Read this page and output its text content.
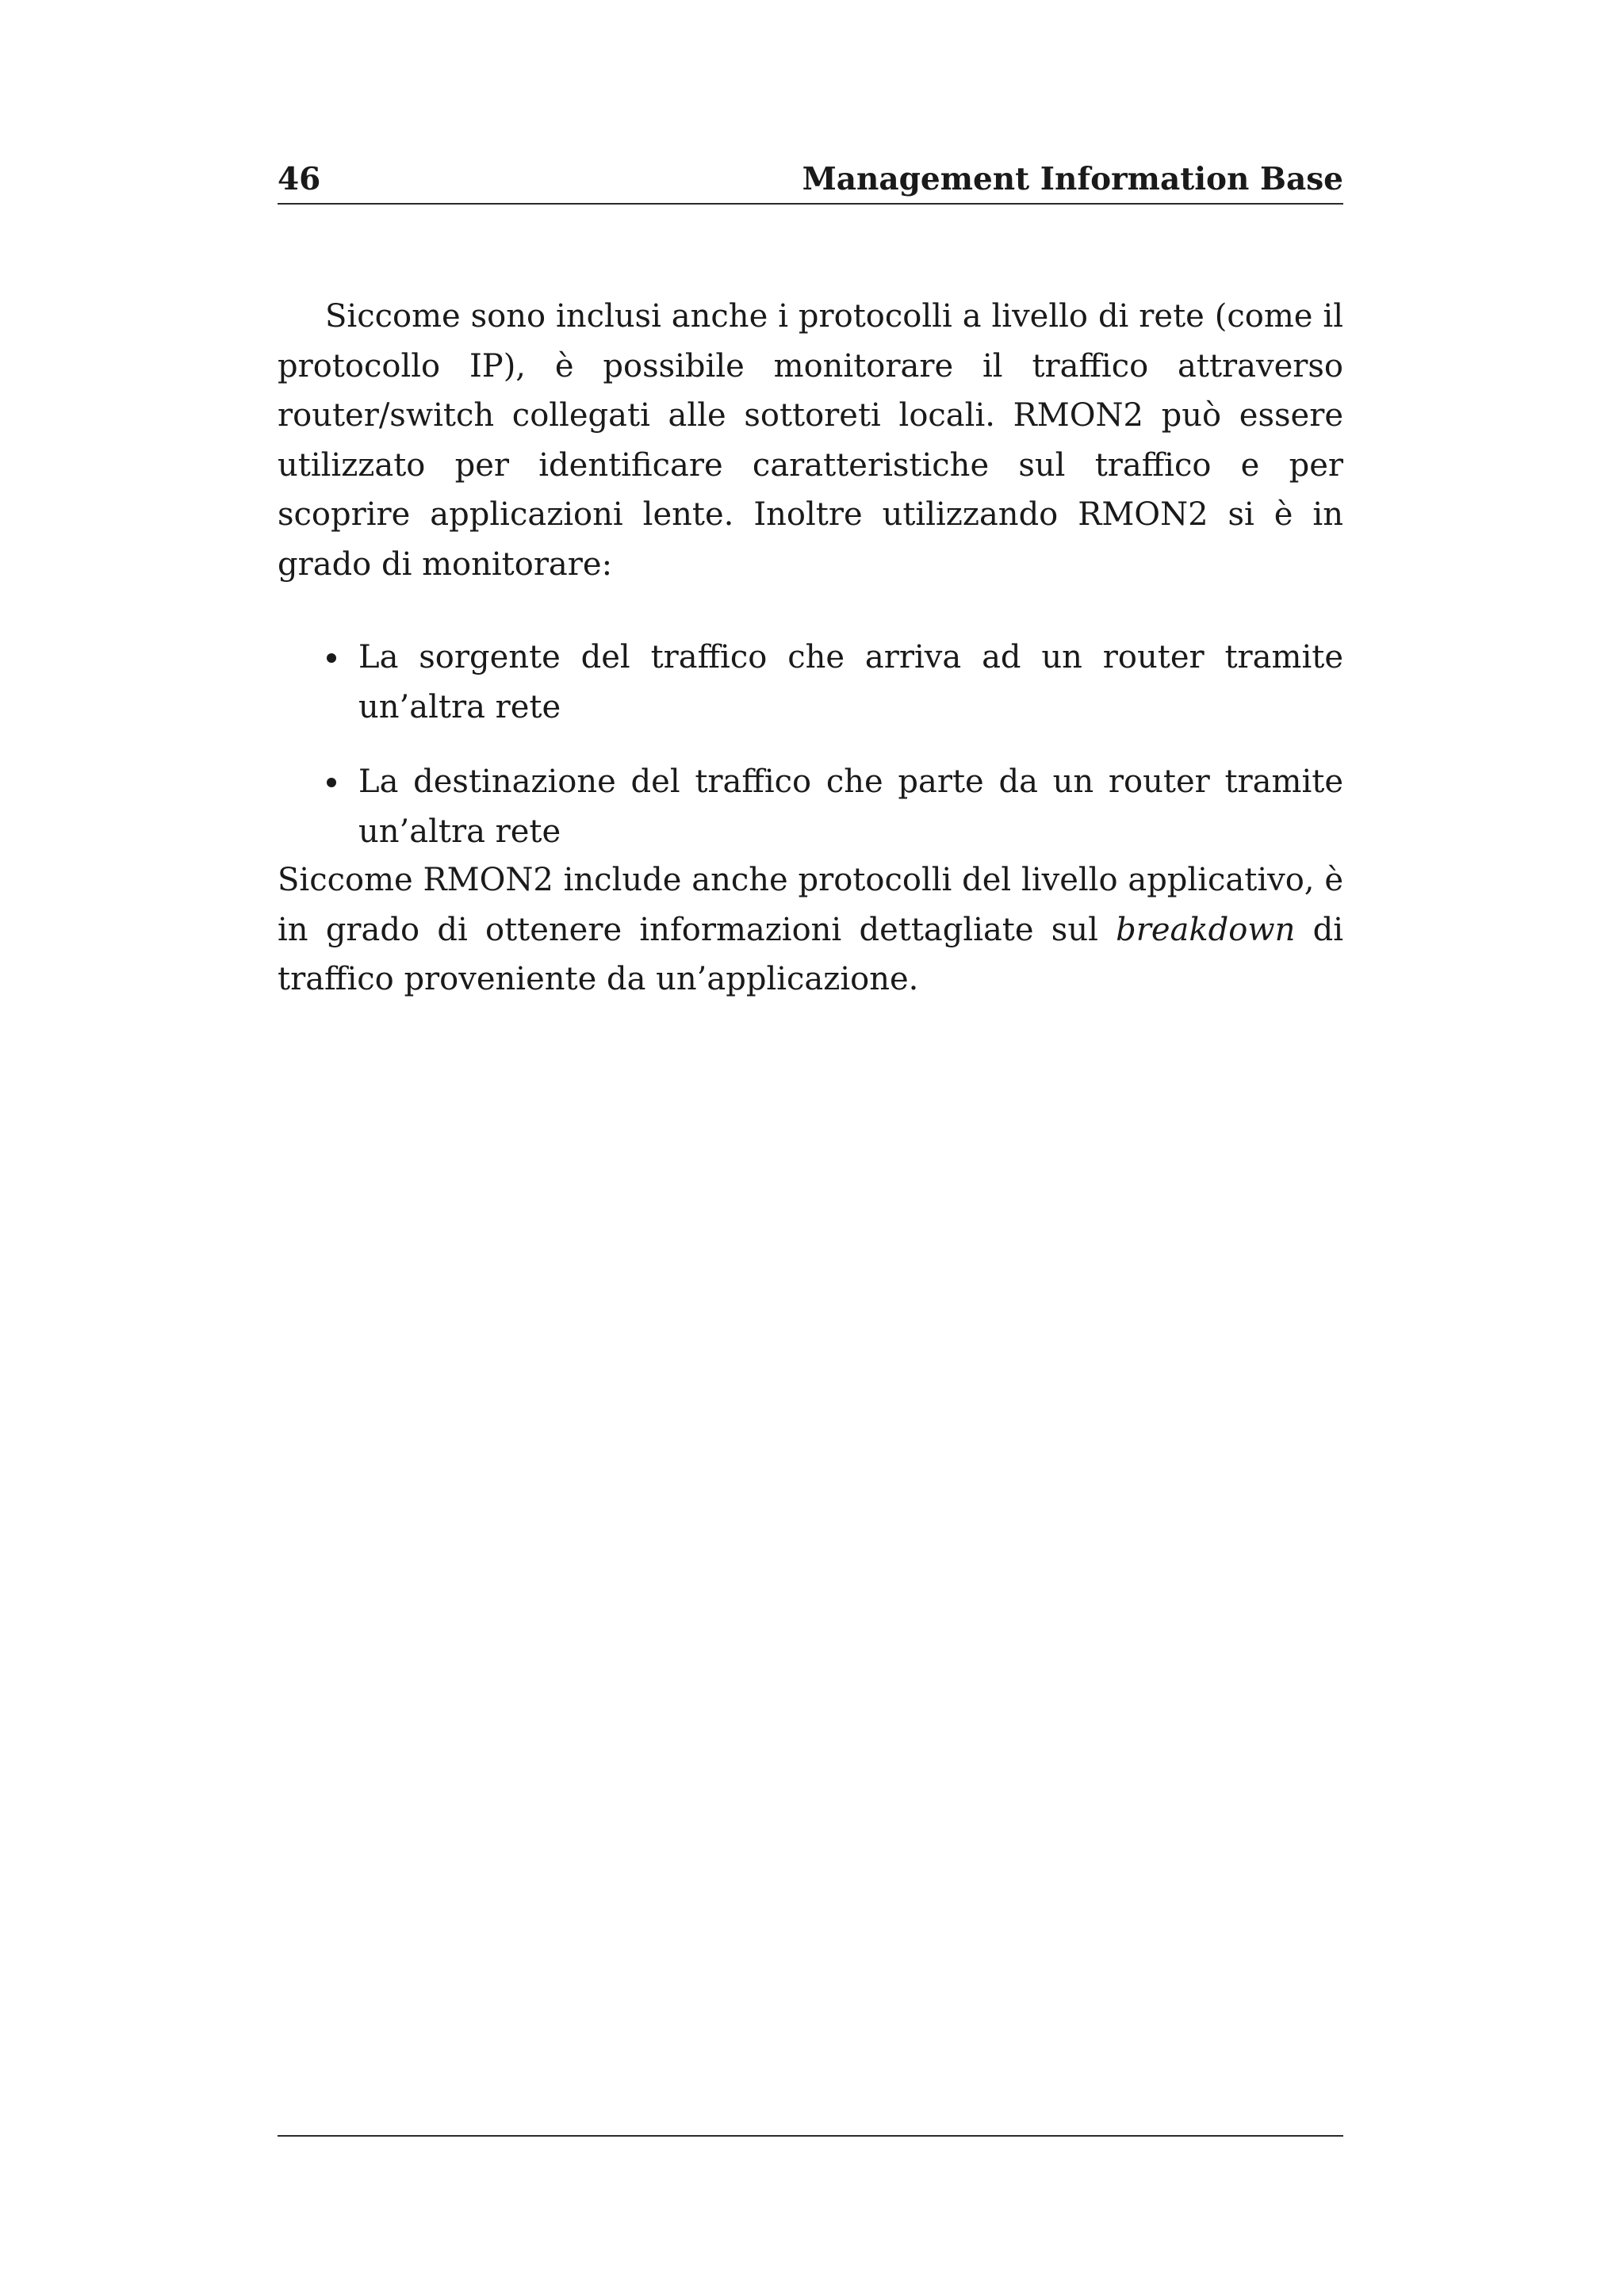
46	Management Information Base

Siccome sono inclusi anche i protocolli a livello di rete (come il protocollo IP), è possibile monitorare il traffico attraverso router/switch collegati alle sottoreti locali. RMON2 può essere utilizzato per identificare caratteristiche sul traffico e per scoprire applicazioni lente. Inoltre utilizzando RMON2 si è in grado di monitorare:

La sorgente del traffico che arriva ad un router tramite un’altra rete
La destinazione del traffico che parte da un router tramite un’altra rete

Siccome RMON2 include anche protocolli del livello applicativo, è in grado di ottenere informazioni dettagliate sul breakdown di traffico proveniente da un’applicazione.
